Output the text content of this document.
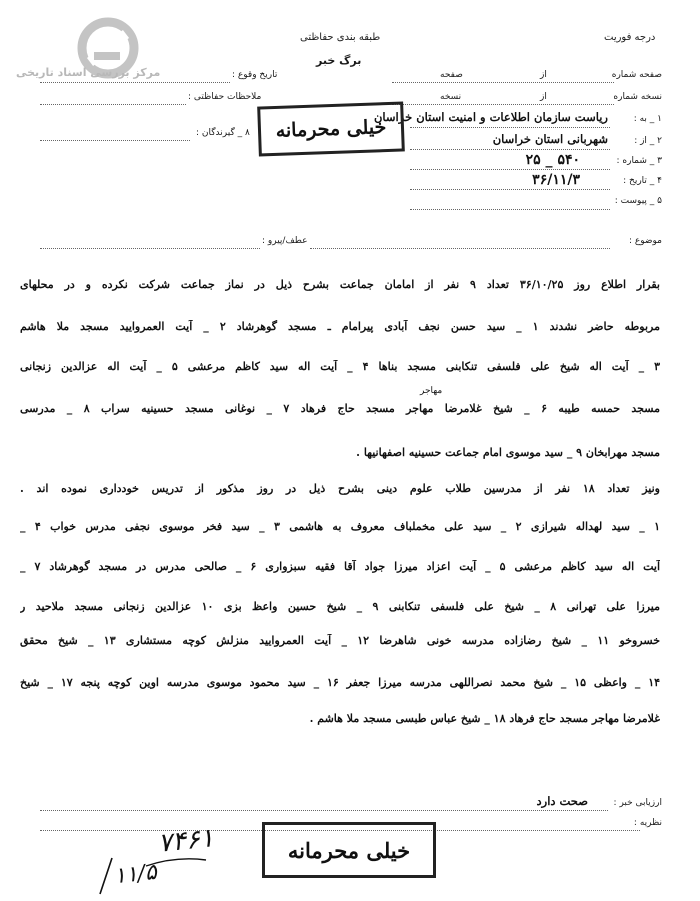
مرکز بررسی اسناد تاریخی
طبقه بندی حفاظتی
برگ خبر
درجه فوریت
صفحه شماره
از
صفحه
نسخه شماره
از
نسخه
تاریخ وقوع :
ملاحظات حفاظتی :
۸ _ گیرندگان :
۱ _ به :
ریاست سازمان اطلاعات و امنیت استان خراسان
۲ _ از :
شهربانی استان خراسان
۳ _ شماره :
۵۴۰ _ ۲۵
۴ _ تاریخ :
۳۶/۱۱/۳
۵ _ پیوست :
خیلی محرمانه
موضوع :
عطف/پیرو :
بقرار اطلاع روز ۳۶/۱۰/۲۵ تعداد ۹ نفر از امامان جماعت بشرح ذیل در نماز جماعت شرکت نکرده و در محلهای
مربوطه حاضر نشدند ۱ _ سید حسن نجف آبادی پیرامام ـ مسجد گوهرشاد ۲ _ آیت العمروایید مسجد ملا هاشم
۳ _ آیت اله شیخ علی فلسفی تنکابنی مسجد بناها ۴ _ آیت اله سید کاظم مرعشی ۵ _ آیت اله عزالدین زنجانی
مهاجر
مسجد حمسه طیبه ۶ _ شیخ غلامرضا مهاجر مسجد حاج فرهاد ۷ _ نوغانی مسجد حسینیه سراب ۸ _ مدرسی
مسجد مهرابخان ۹ _ سید موسوی امام جماعت حسینیه اصفهانیها .
ونیز تعداد ۱۸ نفر از مدرسین طلاب علوم دینی بشرح ذیل در روز مذکور از تدریس خودداری نموده اند .
۱ _ سید لهداله شیرازی ۲ _ سید علی مخملباف معروف به هاشمی ۳ _ سید فخر موسوی نجفی مدرس خواب ۴ _
آیت اله سید کاظم مرعشی ۵ _ آیت اعزاد میرزا جواد آقا فقیه سبزواری ۶ _ صالحی مدرس در مسجد گوهرشاد ۷ _
میرزا علی تهرانی ۸ _ شیخ علی فلسفی تنکابنی ۹ _ شیخ حسین واعظ بزی ۱۰ عزالدین زنجانی مسجد ملاحید ر
خسروخو ۱۱ _ شیخ رضازاده مدرسه خونی شاهرضا ۱۲ _ آیت العمروایید منزلش کوچه مستشاری ۱۳ _ شیخ محقق
۱۴ _ واعظی ۱۵ _ شیخ محمد نصراللهی مدرسه میرزا جعفر ۱۶ _ سید محمود موسوی مدرسه اوین کوچه پنجه ۱۷ _ شیخ
غلامرضا مهاجر مسجد حاج فرهاد ۱۸ _ شیخ عباس طبسی مسجد ملا هاشم .
ارزیابی خبر :
صحت دارد
نظریه :
خیلی محرمانه
۷۴۶۱
۱۱/۵
